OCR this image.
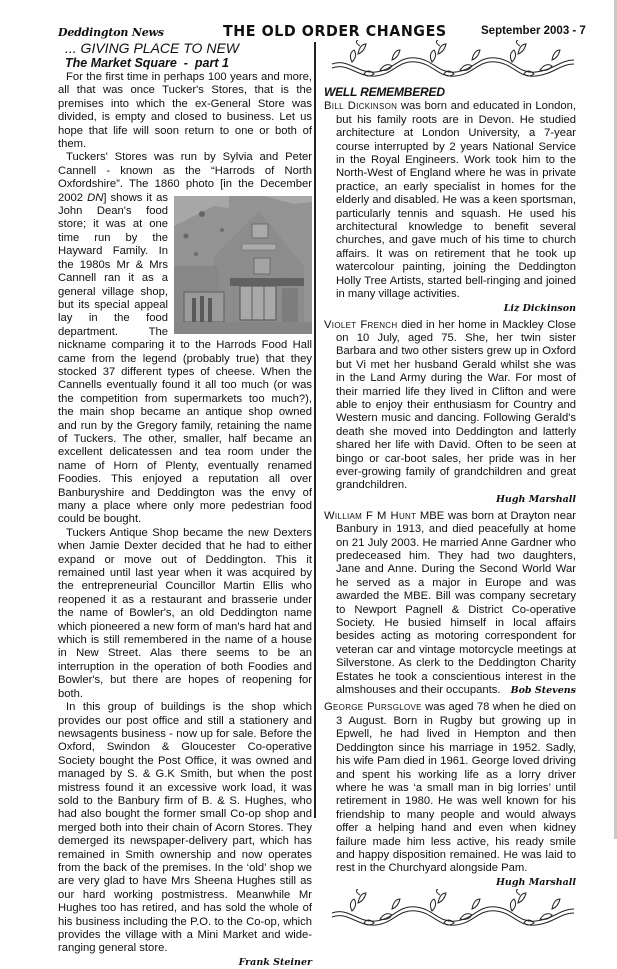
Deddington News	THE OLD ORDER CHANGES	September 2003 - 7
... GIVING PLACE TO NEW
The Market Square  -  part 1

For the first time in perhaps 100 years and more, all that was once Tucker's Stores, that is the premises into which the ex-General Store was divided, is empty and closed to business. Let us hope that life will soon return to one or both of them.

Tuckers' Stores was run by Sylvia and Peter Cannell - known as the “Harrods of North Oxfordshire”. The 1860 photo [in the December 2002 DN
] shows it as John Dean's food store; it was at one time run by the Hayward Family. In the 1980s Mr & Mrs Cannell ran it as a general village shop, but its special appeal lay in the food department. The nickname comparing it to the Harrods Food Hall came from the legend (probably true) that they stocked 37 different types of cheese. When the Cannells eventually found it all too much (or was the competition from supermarkets too much?), the main shop became an antique shop owned and run by the Gregory family, retaining the name of Tuckers. The other, smaller, half became an excellent delicatessen and tea room under the name of Horn of Plenty, eventually renamed Foodies. This enjoyed a reputation all over Banburyshire and Deddington was the envy of many a place where only more pedestrian food could be bought.

Tuckers Antique Shop became the new Dexters when Jamie Dexter decided that he had to either expand or move out of Deddington. This it remained until last year when it was acquired by the entrepreneurial Councillor Martin Ellis who reopened it as a restaurant and brasserie under the name of Bowler's, an old Deddington name which pioneered a new form of man's hard hat and which is still remembered in the name of a house in New Street. Alas there seems to be an interruption in the operation of both Foodies and Bowler's, but there are hopes of reopening for both.

In this group of buildings is the shop which provides our post office and still a stationery and newsagents business - now up for sale. Before the Oxford, Swindon & Gloucester Co-operative Society bought the Post Office, it was owned and managed by S. & G.K Smith, but when the post mistress found it an excessive work load, it was sold to the Banbury firm of B. & S. Hughes, who had also bought the former small Co-op shop and merged both into their chain of Acorn Stores. They demerged its newspaper-delivery part, which has remained in Smith ownership and now operates from the back of the premises. In the ‘old’ shop we are very glad to have Mrs Sheena Hughes still as our hard working postmistress. Meanwhile Mr Hughes too has retired, and has sold the whole of his business including the P.O. to the Co-op, which provides the village with a Mini Market and wide-ranging general store.

Frank Steiner
WELL REMEMBERED

Bill Dickinson was born and educated in London, but his family roots are in Devon. He studied architecture at London University, a 7-year course interrupted by 2 years National Service in the Royal Engineers. Work took him to the North-West of England where he was in private practice, an early specialist in homes for the elderly and disabled. He was a keen sportsman, particularly tennis and squash. He used his architectural knowledge to benefit several churches, and gave much of his time to church affairs. It was on retirement that he took up watercolour painting, joining the Deddington Holly Tree Artists, started bell-ringing and joined in many village activities.

Liz Dickinson

Violet French died in her home in Mackley Close on 10 July, aged 75. She, her twin sister Barbara and two other sisters grew up in Oxford but Vi met her husband Gerald whilst she was in the Land Army during the War. For most of their married life they lived in Clifton and were able to enjoy their enthusiasm for Country and Western music and dancing. Following Gerald's death she moved into Deddington and latterly shared her life with David. Often to be seen at bingo or car-boot sales, her pride was in her ever-growing family of grandchildren and great grandchildren.

Hugh Marshall

William F M Hunt MBE was born at Drayton near Banbury in 1913, and died peacefully at home on 21 July 2003. He married Anne Gardner who predeceased him. They had two daughters, Jane and Anne. During the Second World War he served as a major in Europe and was awarded the MBE. Bill was company secretary to Newport Pagnell & District Co-operative Society. He busied himself in local affairs besides acting as motoring correspondent for veteran car and vintage motorcycle meetings at Silverstone. As clerk to the Deddington Charity Estates he took a conscientious interest in the almshouses and their occupants. Bob Stevens

George Pursglove was aged 78 when he died on 3 August. Born in Rugby but growing up in Epwell, he had lived in Hempton and then Deddington since his marriage in 1952. Sadly, his wife Pam died in 1961. George loved driving and spent his working life as a lorry driver where he was ‘a small man in big lorries’ until retirement in 1980. He was well known for his friendship to many people and would always offer a helping hand and even when kidney failure made him less active, his ready smile and happy disposition remained. He was laid to rest in the Churchyard alongside Pam.
Hugh Marshall
